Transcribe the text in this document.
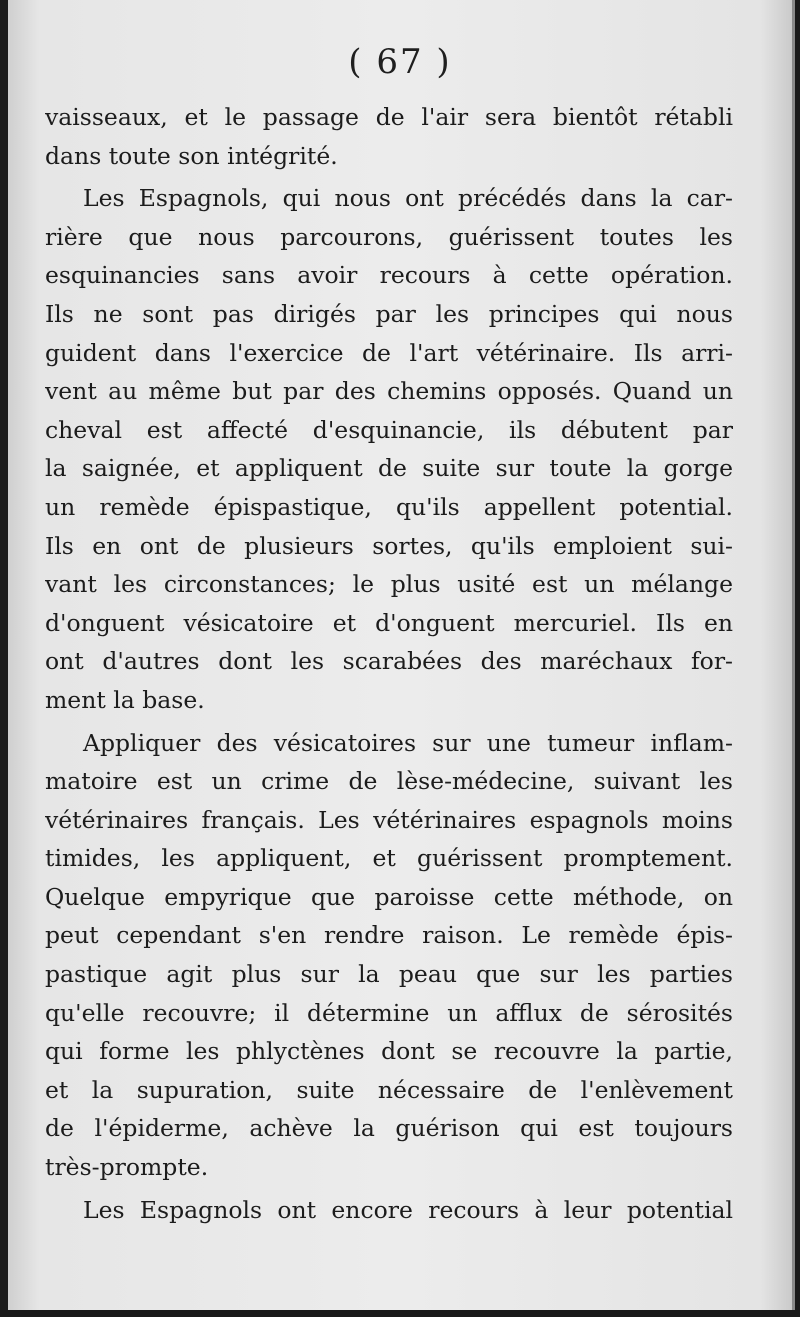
( 67 )
vaisseaux, et le passage de l'air sera bientôt rétabli
dans toute son intégrité.
Les Espagnols, qui nous ont précédés dans la car-
rière que nous parcourons, guérissent toutes les
esquinancies sans avoir recours à cette opération.
Ils ne sont pas dirigés par les principes qui nous
guident dans l'exercice de l'art vétérinaire. Ils arri-
vent au même but par des chemins opposés. Quand un
cheval est affecté d'esquinancie, ils débutent par
la saignée, et appliquent de suite sur toute la gorge
un remède épispastique, qu'ils appellent potential.
Ils en ont de plusieurs sortes, qu'ils emploient sui-
vant les circonstances; le plus usité est un mélange
d'onguent vésicatoire et d'onguent mercuriel. Ils en
ont d'autres dont les scarabées des maréchaux for-
ment la base.
Appliquer des vésicatoires sur une tumeur inflam-
matoire est un crime de lèse-médecine, suivant les
vétérinaires français. Les vétérinaires espagnols moins
timides, les appliquent, et guérissent promptement.
Quelque empyrique que paroisse cette méthode, on
peut cependant s'en rendre raison. Le remède épis-
pastique agit plus sur la peau que sur les parties
qu'elle recouvre; il détermine un afflux de sérosités
qui forme les phlyctènes dont se recouvre la partie,
et la supuration, suite nécessaire de l'enlèvement
de l'épiderme, achève la guérison qui est toujours
très-prompte.
Les Espagnols ont encore recours à leur potential
